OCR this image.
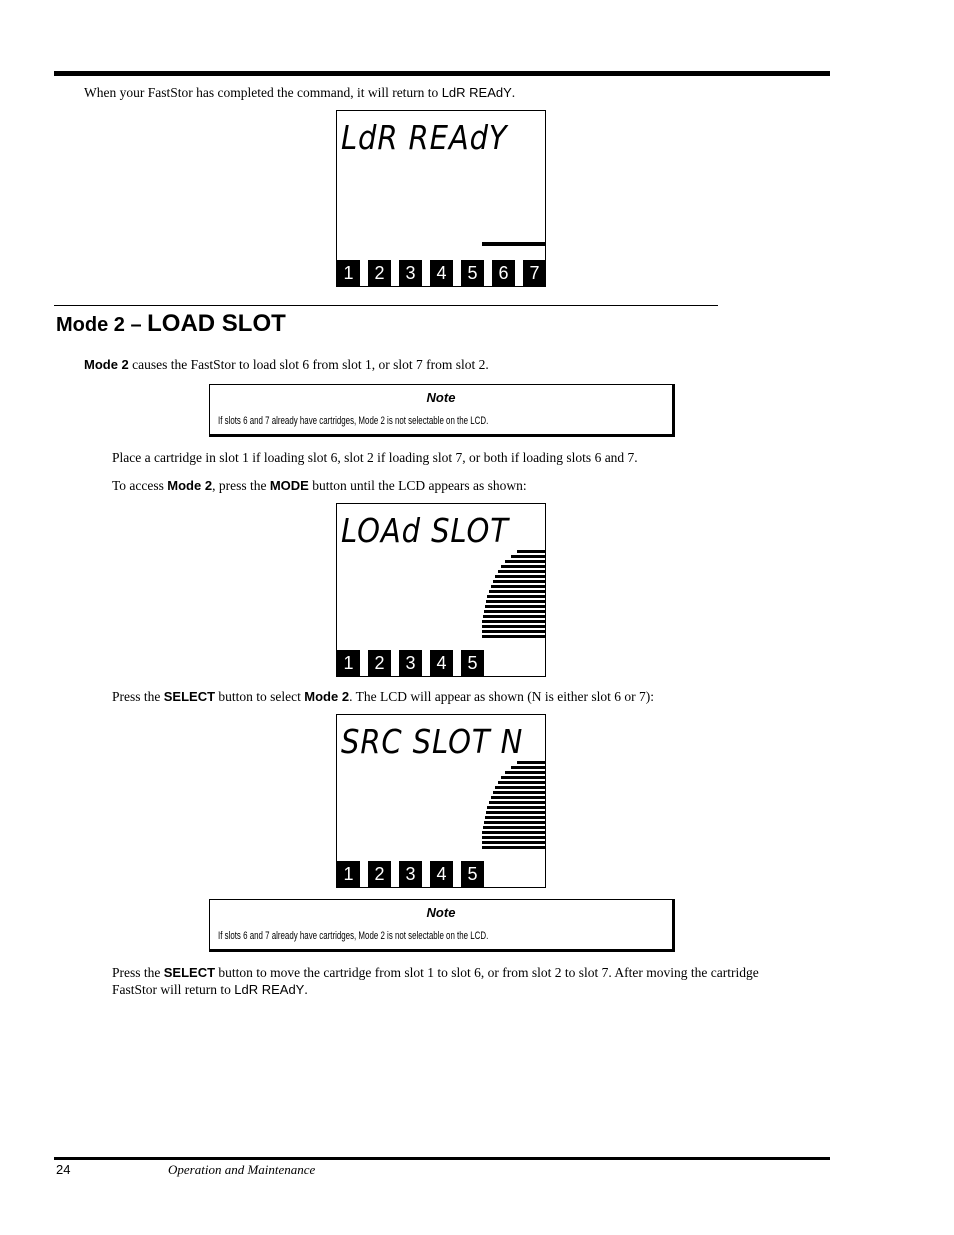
When your FastStor has completed the command, it will return to LdR REAdY.
LdR REAdY
1	2	3	4	5	6	7
Mode 2 – LOAD SLOT
Mode 2 causes the FastStor to load slot 6 from slot 1, or slot 7 from slot 2.
Note
If slots 6 and 7 already have cartridges, Mode 2 is not selectable on the LCD.
Place a cartridge in slot 1 if loading slot 6, slot 2 if loading slot 7, or both if loading slots 6 and 7.
To access Mode 2, press the MODE button until the LCD appears as shown:
LOAd SLOT
1	2	3	4	5
Press the SELECT button to select Mode 2. The LCD will appear as shown (N is either slot 6 or 7):
SRC SLOT N
1	2	3	4	5
Note
If slots 6 and 7 already have cartridges, Mode 2 is not selectable on the LCD.
Press the SELECT button to move the cartridge from slot 1 to slot 6, or from slot 2 to slot 7. After moving the cartridge
FastStor will return to LdR REAdY.
24	Operation and Maintenance
